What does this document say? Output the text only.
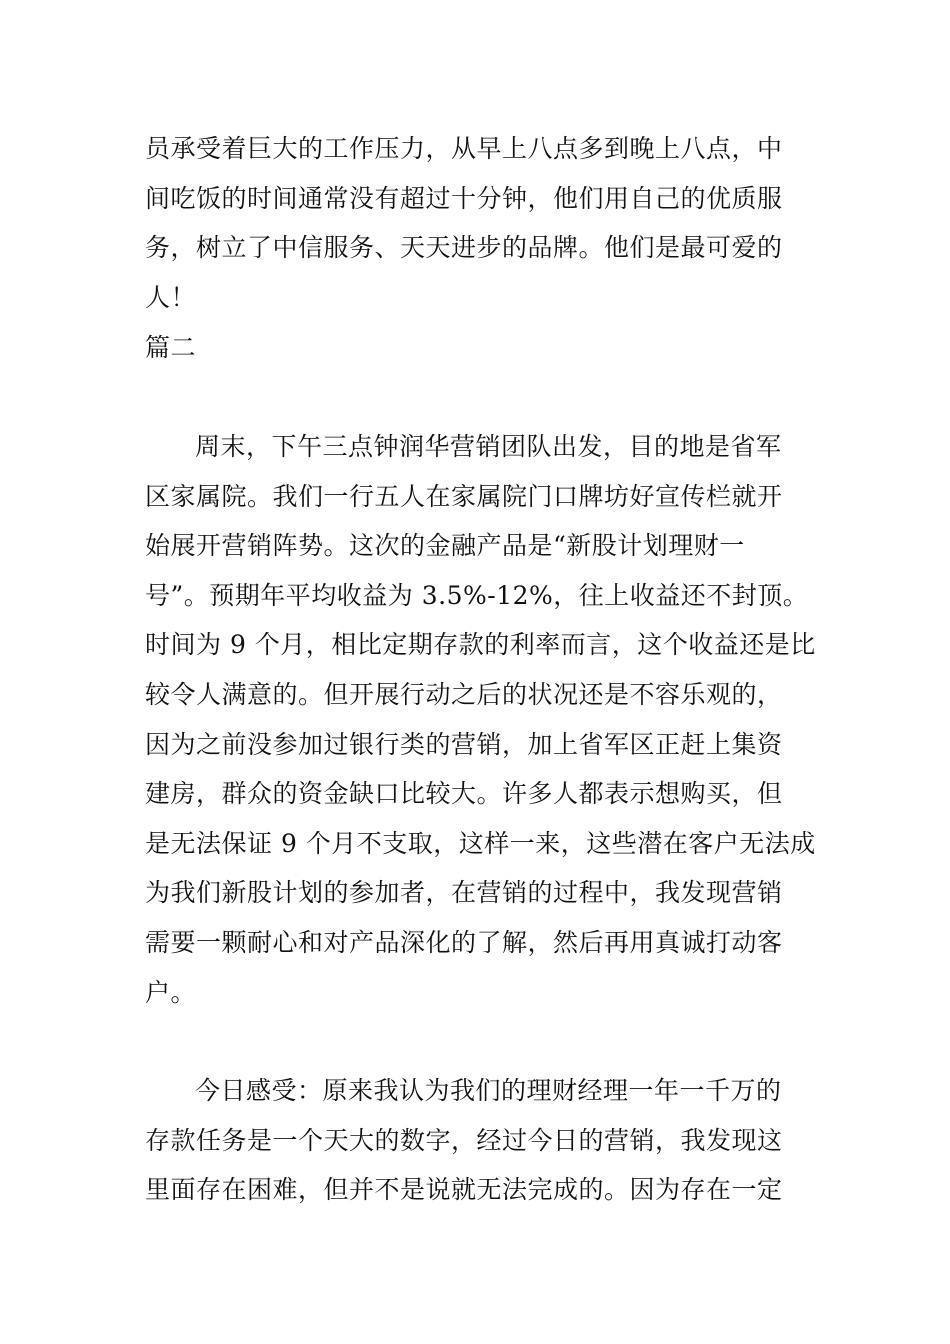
员承受着巨大的工作压力，从早上八点多到晚上八点，中
间吃饭的时间通常没有超过十分钟，他们用自己的优质服
务，树立了中信服务、天天进步的品牌。他们是最可爱的
人！
篇二
周末，下午三点钟润华营销团队出发，目的地是省军
区家属院。我们一行五人在家属院门口牌坊好宣传栏就开
始展开营销阵势。这次的金融产品是“新股计划理财一
号”。预期年平均收益为 3.5%-12%，往上收益还不封顶。
时间为 9 个月，相比定期存款的利率而言，这个收益还是比
较令人满意的。但开展行动之后的状况还是不容乐观的，
因为之前没参加过银行类的营销，加上省军区正赶上集资
建房，群众的资金缺口比较大。许多人都表示想购买，但
是无法保证 9 个月不支取，这样一来，这些潜在客户无法成
为我们新股计划的参加者，在营销的过程中，我发现营销
需要一颗耐心和对产品深化的了解，然后再用真诚打动客
户。
今日感受：原来我认为我们的理财经理一年一千万的
存款任务是一个天大的数字，经过今日的营销，我发现这
里面存在困难，但并不是说就无法完成的。因为存在一定
